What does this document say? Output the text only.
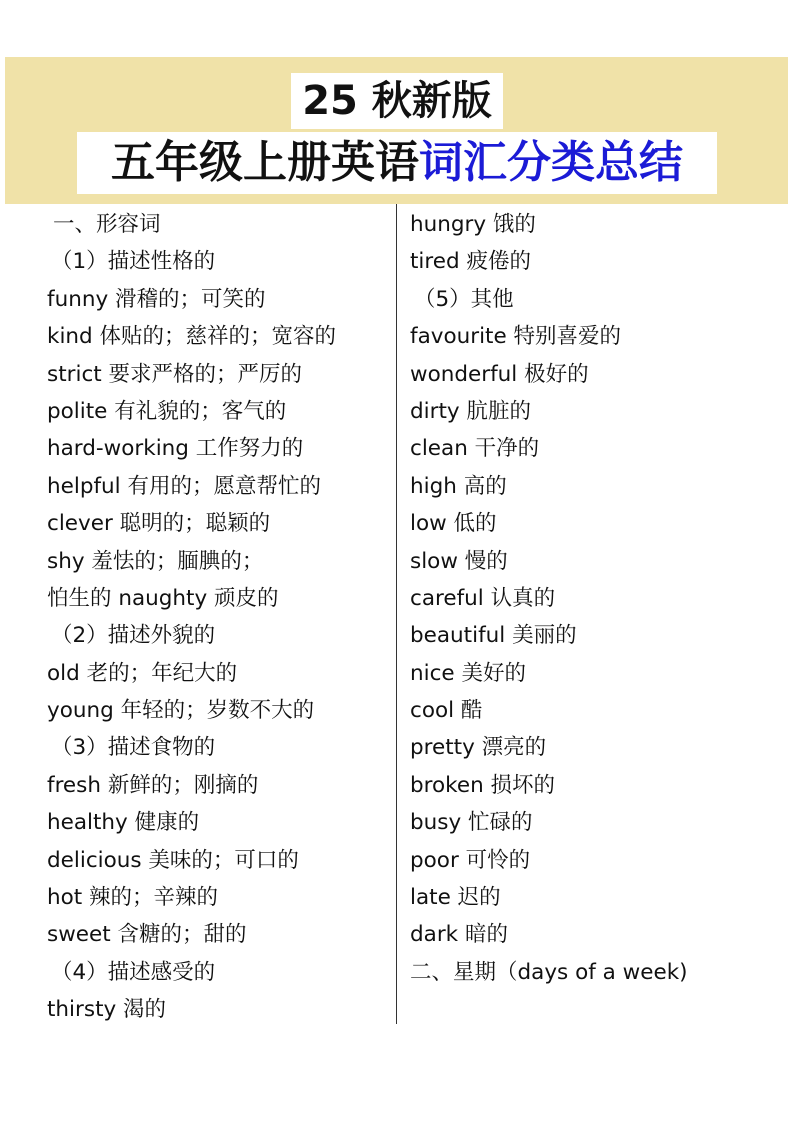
25 秋新版
五年级上册英语词汇分类总结
一、形容词
（1）描述性格的
funny 滑稽的；可笑的
kind 体贴的；慈祥的；宽容的
strict 要求严格的；严厉的
polite 有礼貌的；客气的
hard-working 工作努力的
helpful 有用的；愿意帮忙的
clever 聪明的；聪颖的
shy 羞怯的；腼腆的；
怕生的 naughty 顽皮的
（2）描述外貌的
old 老的；年纪大的
young 年轻的；岁数不大的
（3）描述食物的
fresh 新鲜的；刚摘的
healthy 健康的
delicious 美味的；可口的
hot 辣的；辛辣的
sweet 含糖的；甜的
（4）描述感受的
thirsty 渴的
hungry 饿的
tired 疲倦的
（5）其他
favourite 特别喜爱的
wonderful 极好的
dirty 肮脏的
clean 干净的
high 高的
low 低的
slow 慢的
careful 认真的
beautiful 美丽的
nice 美好的
cool 酷
pretty 漂亮的
broken 损坏的
busy 忙碌的
poor 可怜的
late 迟的
dark 暗的
二、星期（days of a week)
